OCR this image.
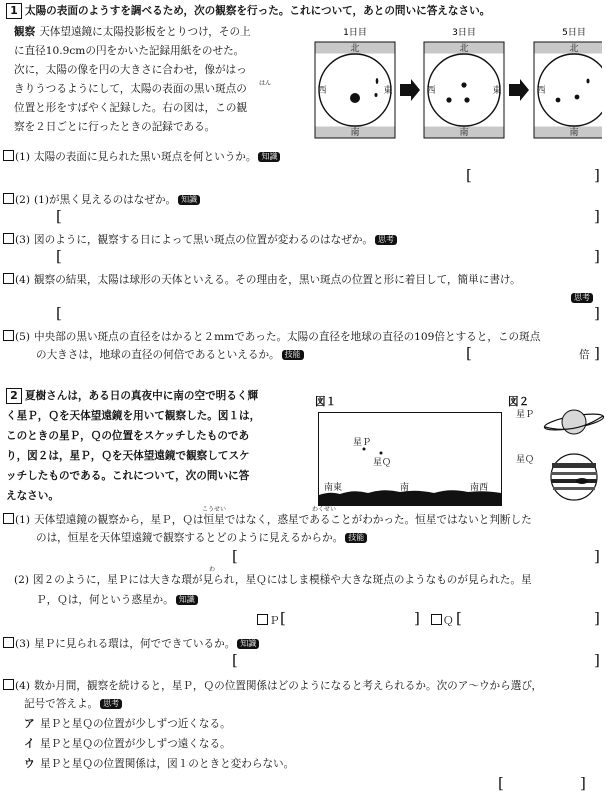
1 太陽の表面のようすを調べるため，次の観察を行った。これについて，あとの問いに答えなさい。
観察 天体望遠鏡に太陽投影板をとりつけ，その上
に直径10.9cmの円をかいた記録用紙をのせた。
次に，太陽の像を円の大きさに合わせ，像がはっ
きりうつるようにして，太陽の表面の黒い斑点の
位置と形をすばやく記録した。右の図は，この観
察を２日ごとに行ったときの記録である。
はん
1日目	3日目	5日目
北
南
西	東
北
南
西	東
北
南
西
(1) 太陽の表面に見られた黒い斑点を何というか。 知識
[	]
(2) (1)が黒く見えるのはなぜか。 知識
[	]
(3) 図のように，観察する日によって黒い斑点の位置が変わるのはなぜか。 思考
[	]
(4) 観察の結果，太陽は球形の天体といえる。その理由を，黒い斑点の位置と形に着目して，簡単に書け。
思考
[	]
(5) 中央部の黒い斑点の直径をはかると２mmであった。太陽の直径を地球の直径の109倍とすると，この斑点
の大きさは，地球の直径の何倍であるといえるか。 技能	[	倍 ]
2 夏樹さんは，ある日の真夜中に南の空で明るく輝
く星Ｐ，Ｑを天体望遠鏡を用いて観察した。図１は，
このときの星Ｐ，Ｑの位置をスケッチしたものであ
り，図２は，星Ｐ，Ｑを天体望遠鏡で観察してスケ
ッチしたものである。これについて，次の問いに答
えなさい。
図１
星Ｐ
星Ｑ
南東	南	南西
図２
星Ｐ
星Ｑ
(1) 天体望遠鏡の観察から，星Ｐ，Ｑは恒星ではなく，惑星であることがわかった。恒星ではないと判断した
こうせい	わくせい
のは，恒星を天体望遠鏡で観察するとどのように見えるからか。 技能
[	]
(2) 図２のように，星Ｐには大きな環が見られ，星Ｑにはしま模様や大きな斑点のようなものが見られた。星
わ
Ｐ，Ｑは，何という惑星か。 知識
Ｐ [	]	Ｑ [	]
(3) 星Ｐに見られる環は，何でできているか。 知識
[	]
(4) 数か月間，観察を続けると，星Ｐ，Ｑの位置関係はどのようになると考えられるか。次のア〜ウから選び，
記号で答えよ。 思考
ア 星Ｐと星Ｑの位置が少しずつ近くなる。
イ 星Ｐと星Ｑの位置が少しずつ遠くなる。
ウ 星Ｐと星Ｑの位置関係は，図１のときと変わらない。
[	]
